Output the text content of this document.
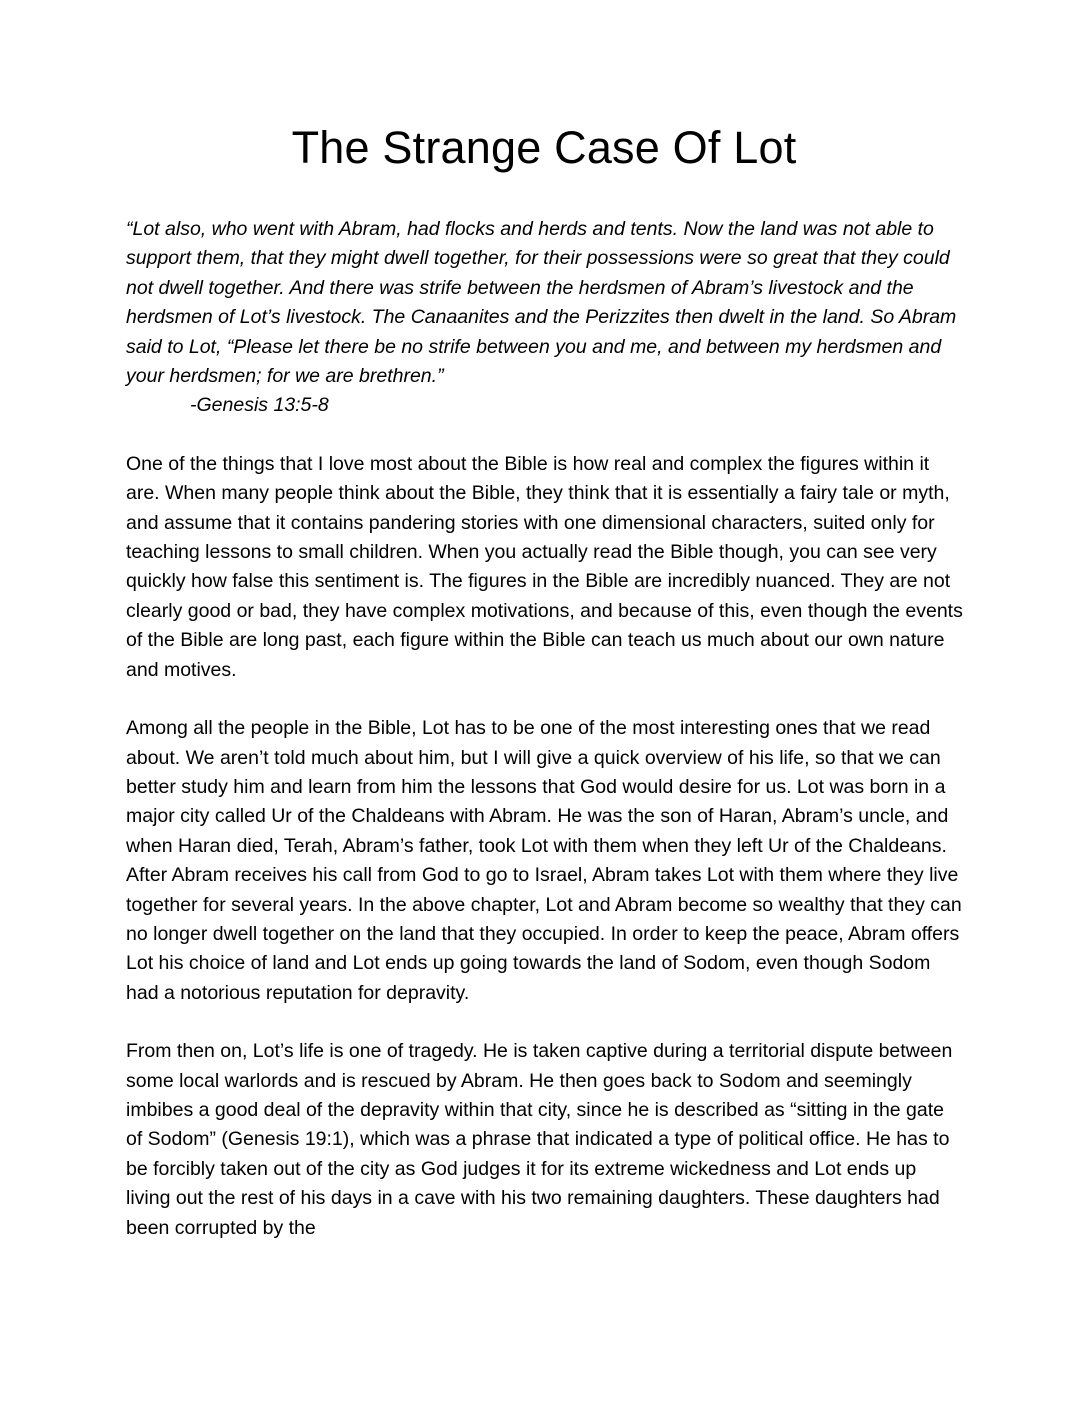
The Strange Case Of Lot

“Lot also, who went with Abram, had flocks and herds and tents. Now the land was not able to support them, that they might dwell together, for their possessions were so great that they could not dwell together. And there was strife between the herdsmen of Abram’s livestock and the herdsmen of Lot’s livestock. The Canaanites and the Perizzites then dwelt in the land. So Abram said to Lot, “Please let there be no strife between you and me, and between my herdsmen and your herdsmen; for we are brethren.”

-Genesis 13:5-8

One of the things that I love most about the Bible is how real and complex the figures within it are. When many people think about the Bible, they think that it is essentially a fairy tale or myth, and assume that it contains pandering stories with one dimensional characters, suited only for teaching lessons to small children. When you actually read the Bible though, you can see very quickly how false this sentiment is. The figures in the Bible are incredibly nuanced. They are not clearly good or bad, they have complex motivations, and because of this, even though the events of the Bible are long past, each figure within the Bible can teach us much about our own nature and motives.

Among all the people in the Bible, Lot has to be one of the most interesting ones that we read about. We aren’t told much about him, but I will give a quick overview of his life, so that we can better study him and learn from him the lessons that God would desire for us. Lot was born in a major city called Ur of the Chaldeans with Abram. He was the son of Haran, Abram’s uncle, and when Haran died, Terah, Abram’s father, took Lot with them when they left Ur of the Chaldeans. After Abram receives his call from God to go to Israel, Abram takes Lot with them where they live together for several years. In the above chapter, Lot and Abram become so wealthy that they can no longer dwell together on the land that they occupied. In order to keep the peace, Abram offers Lot his choice of land and Lot ends up going towards the land of Sodom, even though Sodom had a notorious reputation for depravity.

From then on, Lot’s life is one of tragedy. He is taken captive during a territorial dispute between some local warlords and is rescued by Abram. He then goes back to Sodom and seemingly imbibes a good deal of the depravity within that city, since he is described as “sitting in the gate of Sodom” (Genesis 19:1), which was a phrase that indicated a type of political office. He has to be forcibly taken out of the city as God judges it for its extreme wickedness and Lot ends up living out the rest of his days in a cave with his two remaining daughters. These daughters had been corrupted by the
